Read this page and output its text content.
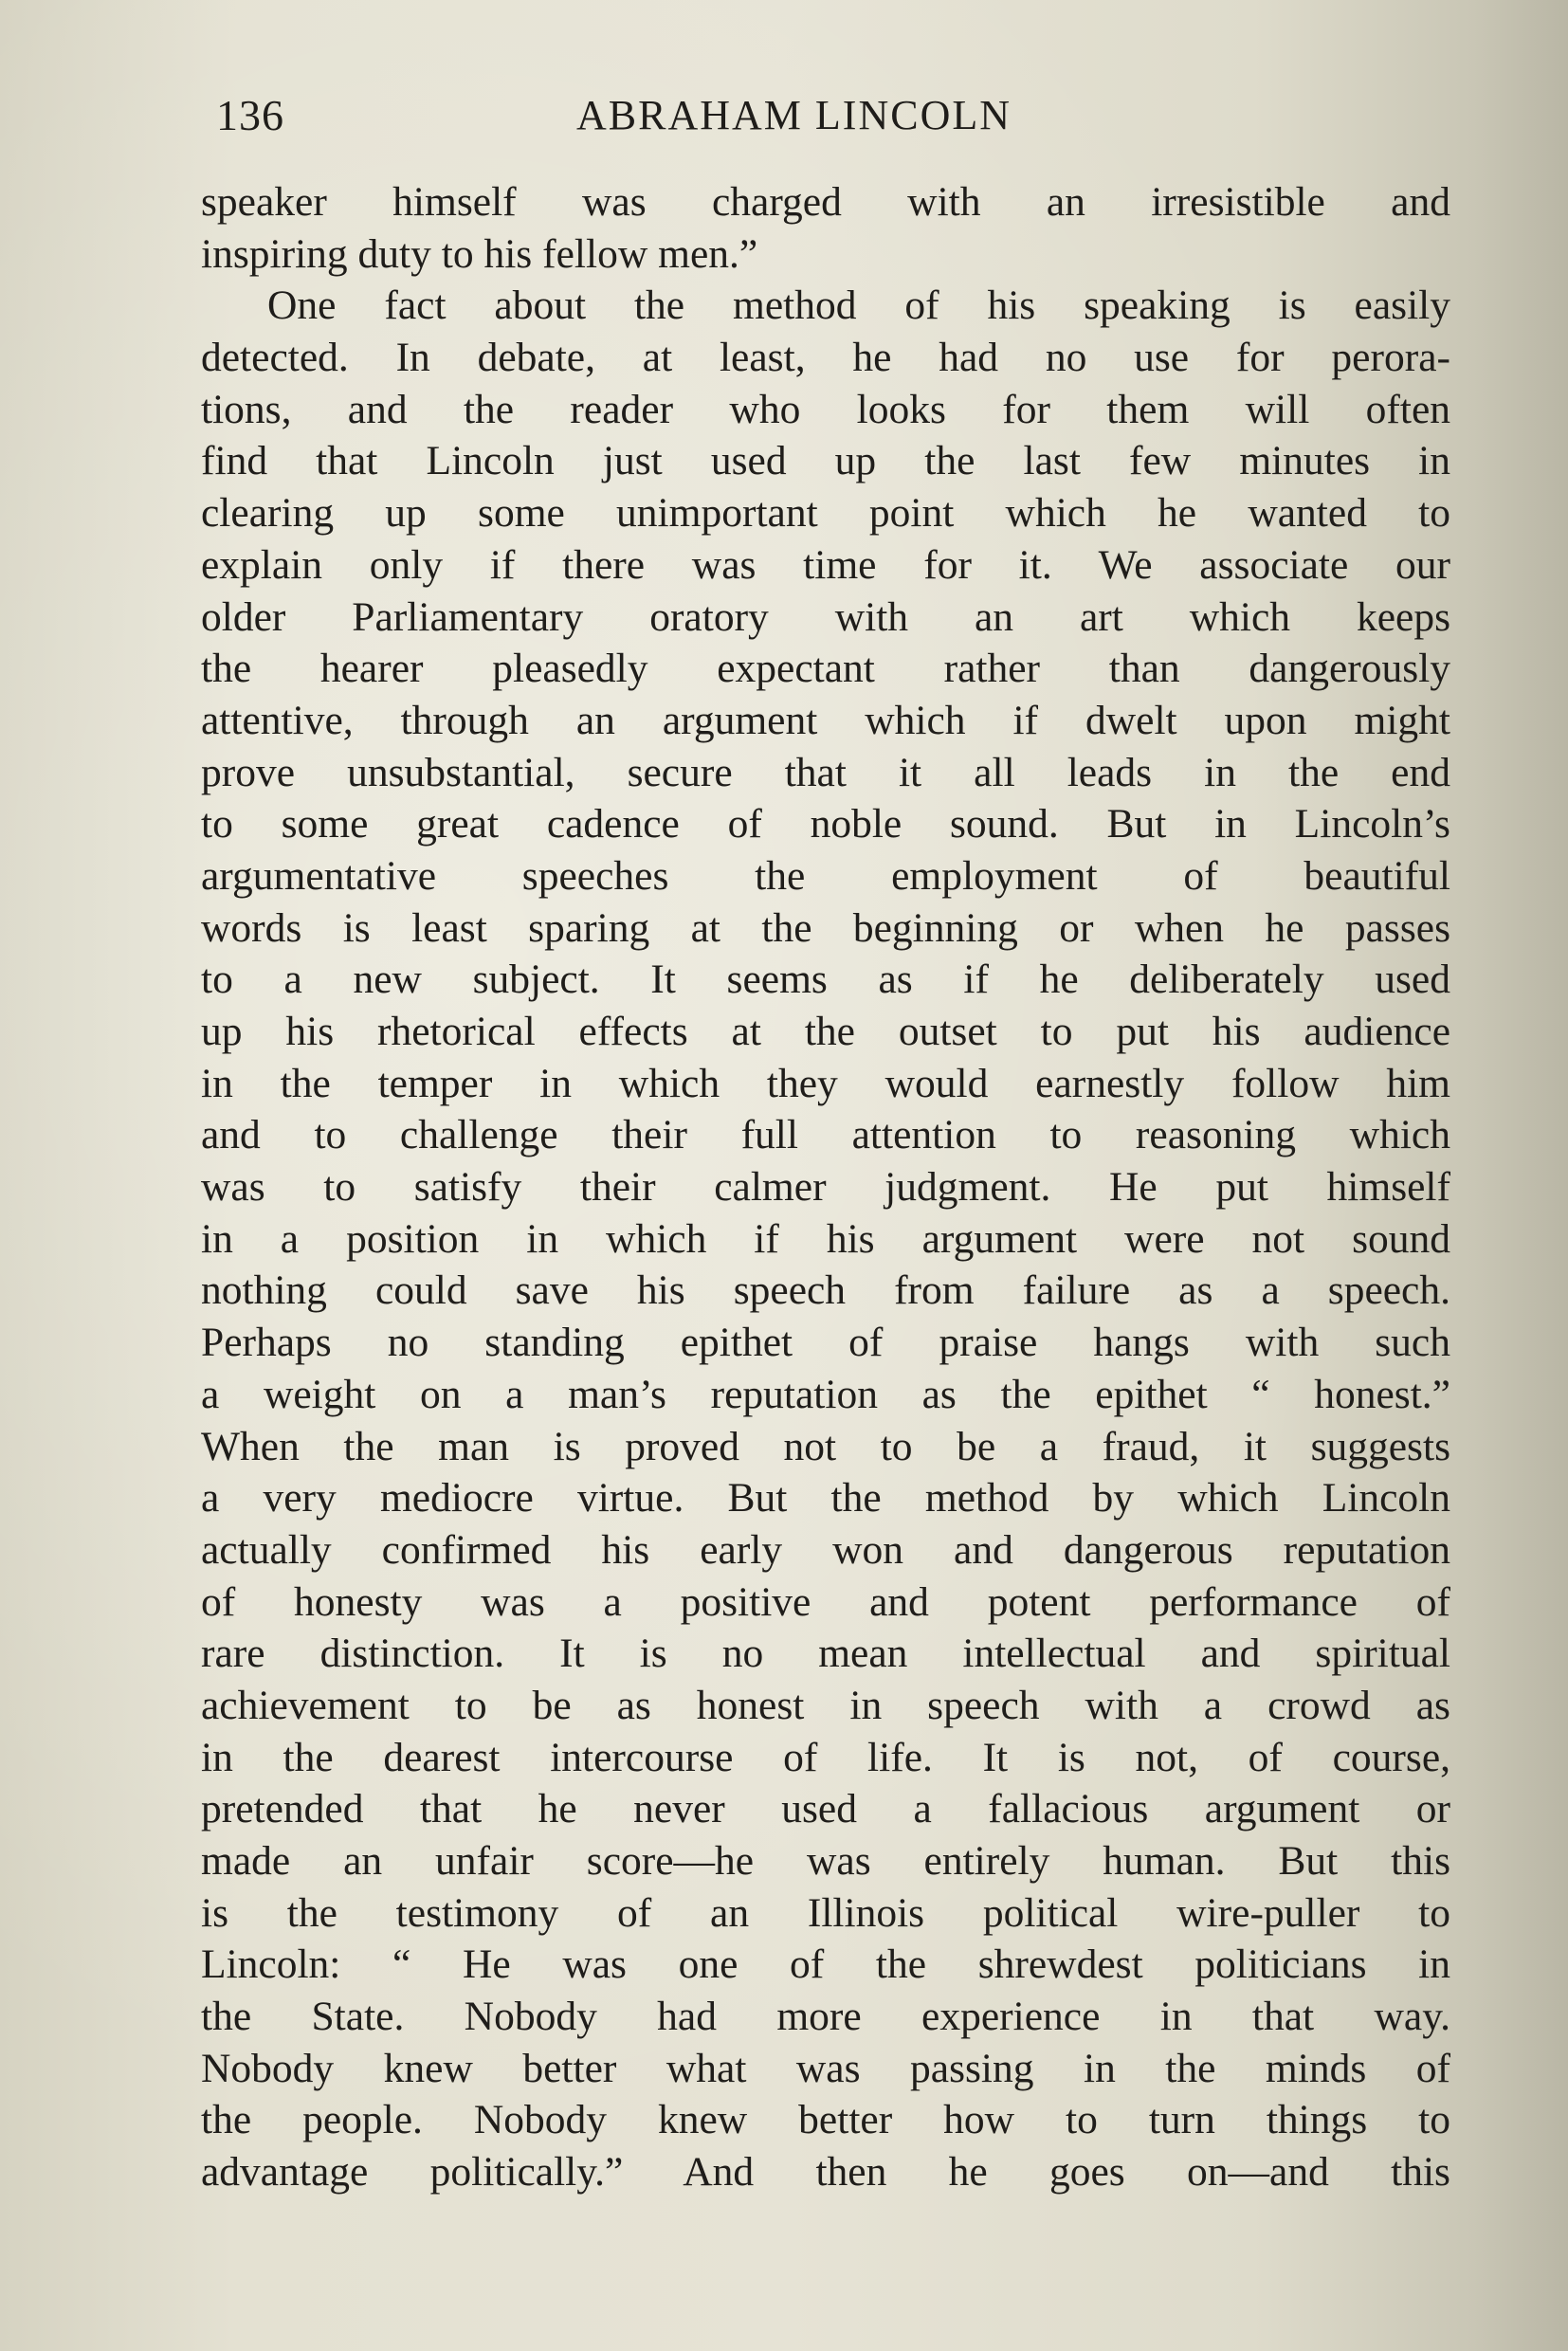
136	ABRAHAM LINCOLN
speaker himself was charged with an irresistible and
inspiring duty to his fellow men.”
One fact about the method of his speaking is easily
detected. In debate, at least, he had no use for perora-
tions, and the reader who looks for them will often
find that Lincoln just used up the last few minutes in
clearing up some unimportant point which he wanted to
explain only if there was time for it. We associate our
older Parliamentary oratory with an art which keeps
the hearer pleasedly expectant rather than dangerously
attentive, through an argument which if dwelt upon might
prove unsubstantial, secure that it all leads in the end
to some great cadence of noble sound. But in Lincoln’s
argumentative speeches the employment of beautiful
words is least sparing at the beginning or when he passes
to a new subject. It seems as if he deliberately used
up his rhetorical effects at the outset to put his audience
in the temper in which they would earnestly follow him
and to challenge their full attention to reasoning which
was to satisfy their calmer judgment. He put himself
in a position in which if his argument were not sound
nothing could save his speech from failure as a speech.
Perhaps no standing epithet of praise hangs with such
a weight on a man’s reputation as the epithet “ honest.”
When the man is proved not to be a fraud, it suggests
a very mediocre virtue. But the method by which Lincoln
actually confirmed his early won and dangerous reputation
of honesty was a positive and potent performance of
rare distinction. It is no mean intellectual and spiritual
achievement to be as honest in speech with a crowd as
in the dearest intercourse of life. It is not, of course,
pretended that he never used a fallacious argument or
made an unfair score—he was entirely human. But this
is the testimony of an Illinois political wire-puller to
Lincoln: “ He was one of the shrewdest politicians in
the State. Nobody had more experience in that way.
Nobody knew better what was passing in the minds of
the people. Nobody knew better how to turn things to
advantage politically.” And then he goes on—and this
